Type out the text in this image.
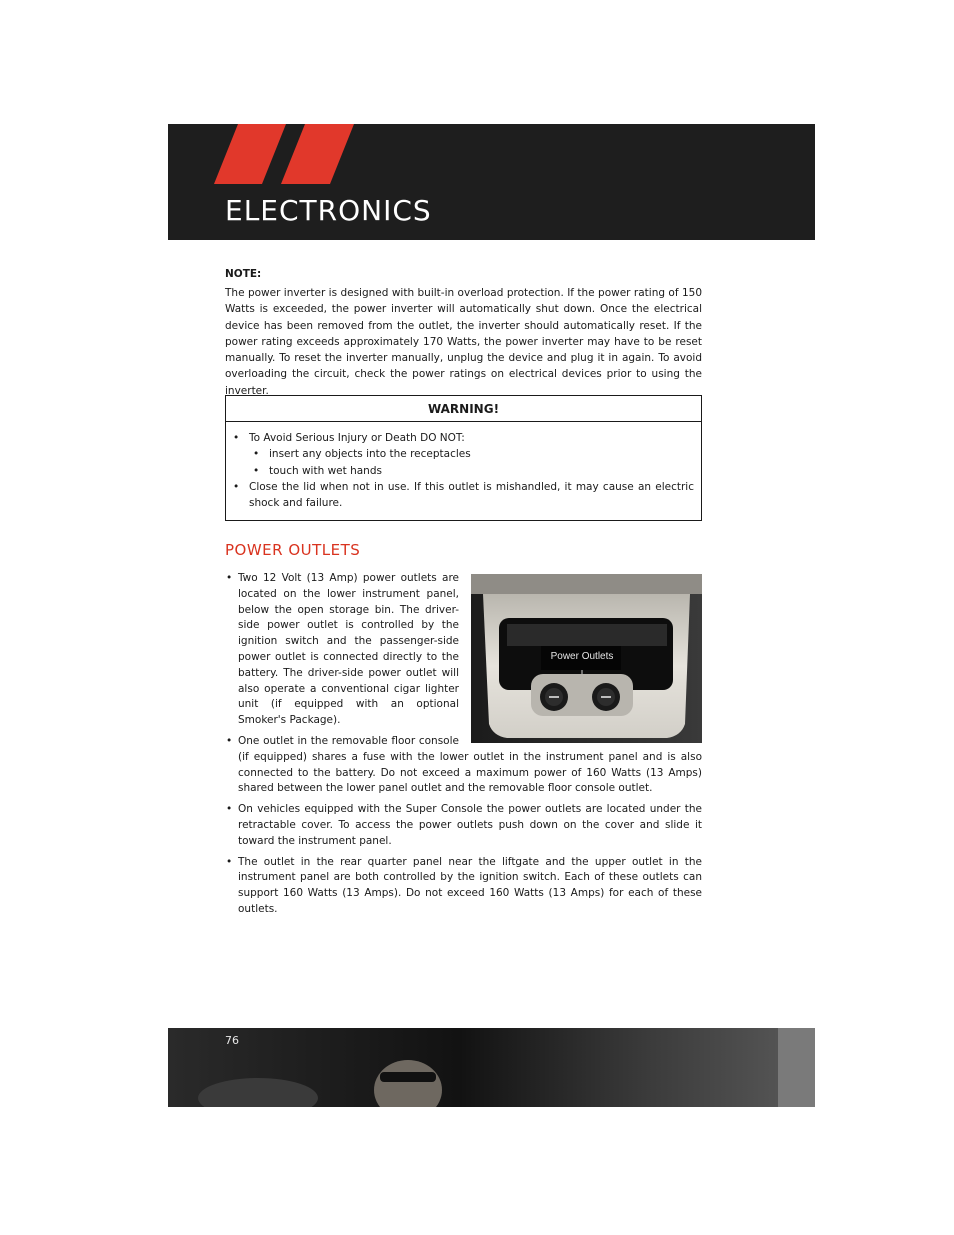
ELECTRONICS
NOTE:

The power inverter is designed with built-in overload protection. If the power rating of 150 Watts is exceeded, the power inverter will automatically shut down. Once the electrical device has been removed from the outlet, the inverter should automatically reset. If the power rating exceeds approximately 170 Watts, the power inverter may have to be reset manually. To reset the inverter manually, unplug the device and plug it in again. To avoid overloading the circuit, check the power ratings on electrical devices prior to using the inverter.

WARNING!
• To Avoid Serious Injury or Death DO NOT:
• insert any objects into the receptacles
• touch with wet hands
• Close the lid when not in use. If this outlet is mishandled, it may cause an electric shock and failure.
POWER OUTLETS
Power Outlets
• Two 12 Volt (13 Amp) power outlets are located on the lower instrument panel, below the open storage bin. The driver-side power outlet is controlled by the ignition switch and the passenger-side power outlet is connected directly to the battery. The driver-side power outlet will also operate a conventional cigar lighter unit (if equipped with an optional Smoker's Package).
• One outlet in the removable floor console (if equipped) shares a fuse with the lower outlet in the instrument panel and is also connected to the battery. Do not exceed a maximum power of 160 Watts (13 Amps) shared between the lower panel outlet and the removable floor console outlet.
• On vehicles equipped with the Super Console the power outlets are located under the retractable cover. To access the power outlets push down on the cover and slide it toward the instrument panel.
• The outlet in the rear quarter panel near the liftgate and the upper outlet in the instrument panel are both controlled by the ignition switch. Each of these outlets can support 160 Watts (13 Amps). Do not exceed 160 Watts (13 Amps) for each of these outlets.
76
